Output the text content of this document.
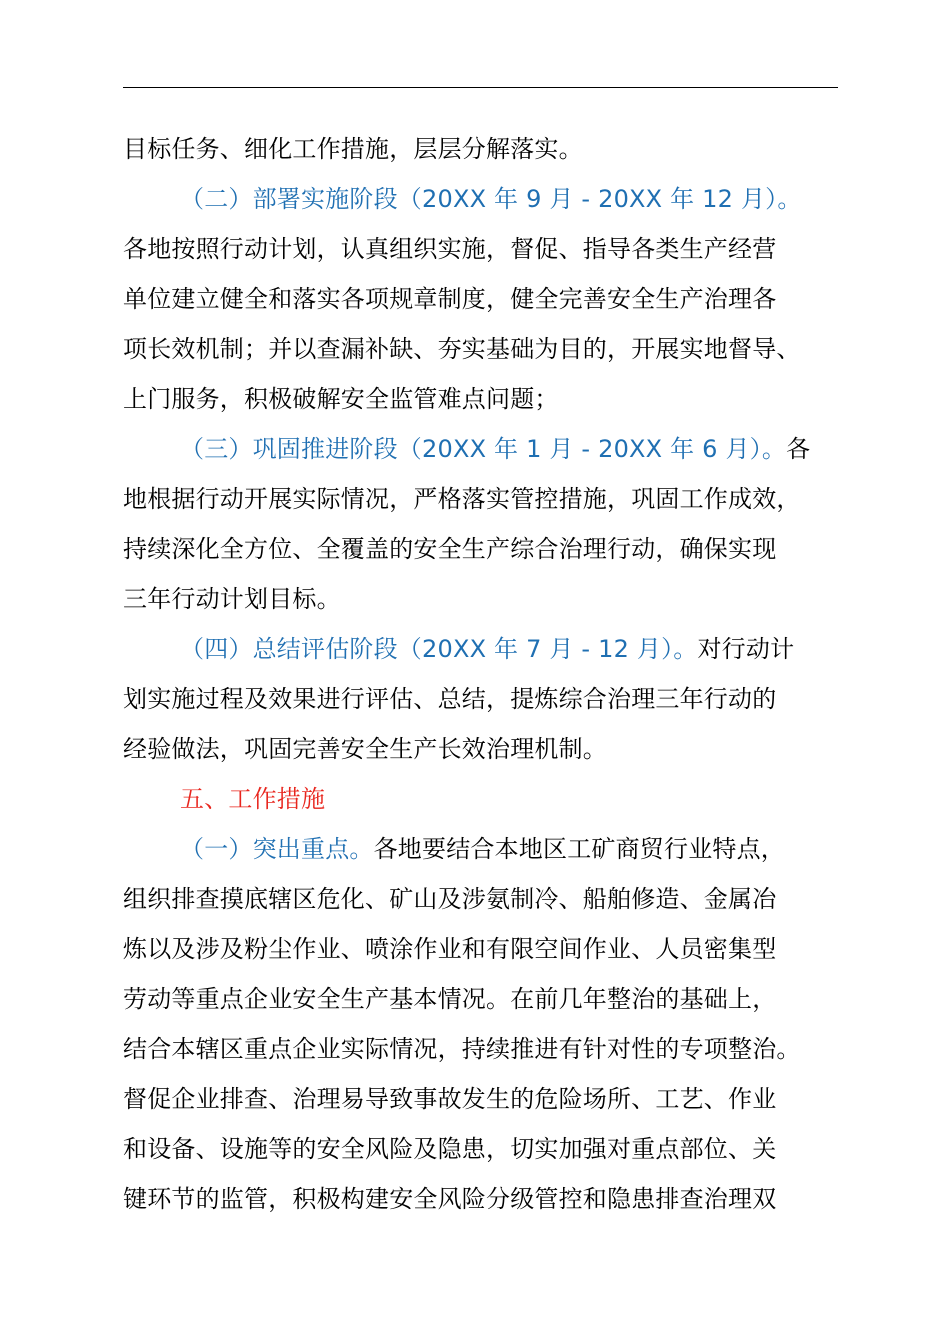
目标任务、细化工作措施，层层分解落实。
（二）部署实施阶段（20XX 年 9 月 - 20XX 年 12 月）。
各地按照行动计划，认真组织实施，督促、指导各类生产经营
单位建立健全和落实各项规章制度，健全完善安全生产治理各
项长效机制；并以查漏补缺、夯实基础为目的，开展实地督导、
上门服务，积极破解安全监管难点问题；
（三）巩固推进阶段（20XX 年 1 月 - 20XX 年 6 月）。各
地根据行动开展实际情况，严格落实管控措施，巩固工作成效，
持续深化全方位、全覆盖的安全生产综合治理行动，确保实现
三年行动计划目标。
（四）总结评估阶段（20XX 年 7 月 - 12 月）。对行动计
划实施过程及效果进行评估、总结，提炼综合治理三年行动的
经验做法，巩固完善安全生产长效治理机制。
五、工作措施
（一）突出重点。各地要结合本地区工矿商贸行业特点，
组织排查摸底辖区危化、矿山及涉氨制冷、船舶修造、金属冶
炼以及涉及粉尘作业、喷涂作业和有限空间作业、人员密集型
劳动等重点企业安全生产基本情况。在前几年整治的基础上，
结合本辖区重点企业实际情况，持续推进有针对性的专项整治。
督促企业排查、治理易导致事故发生的危险场所、工艺、作业
和设备、设施等的安全风险及隐患，切实加强对重点部位、关
键环节的监管，积极构建安全风险分级管控和隐患排查治理双
